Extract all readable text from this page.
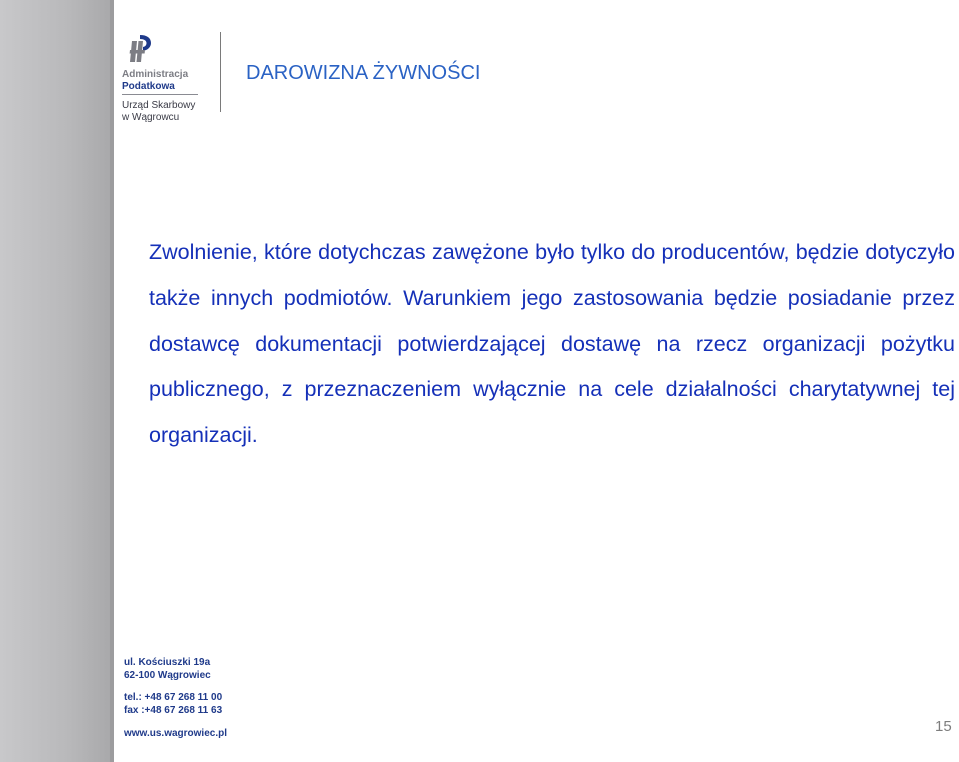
Administracja
Podatkowa
Urząd Skarbowy
w Wągrowcu
DAROWIZNA ŻYWNOŚCI

Zwolnienie, które dotychczas zawężone było tylko do producentów, będzie dotyczyło także innych podmiotów. Warunkiem jego zastosowania będzie posiadanie przez dostawcę dokumentacji potwierdzającej dostawę na rzecz organizacji pożytku publicznego, z przeznaczeniem wyłącznie na cele działalności charytatywnej tej organizacji.

ul. Kościuszki 19a
62-100 Wągrowiec
tel.: +48 67 268 11 00
fax :+48 67 268 11 63
www.us.wagrowiec.pl	15
